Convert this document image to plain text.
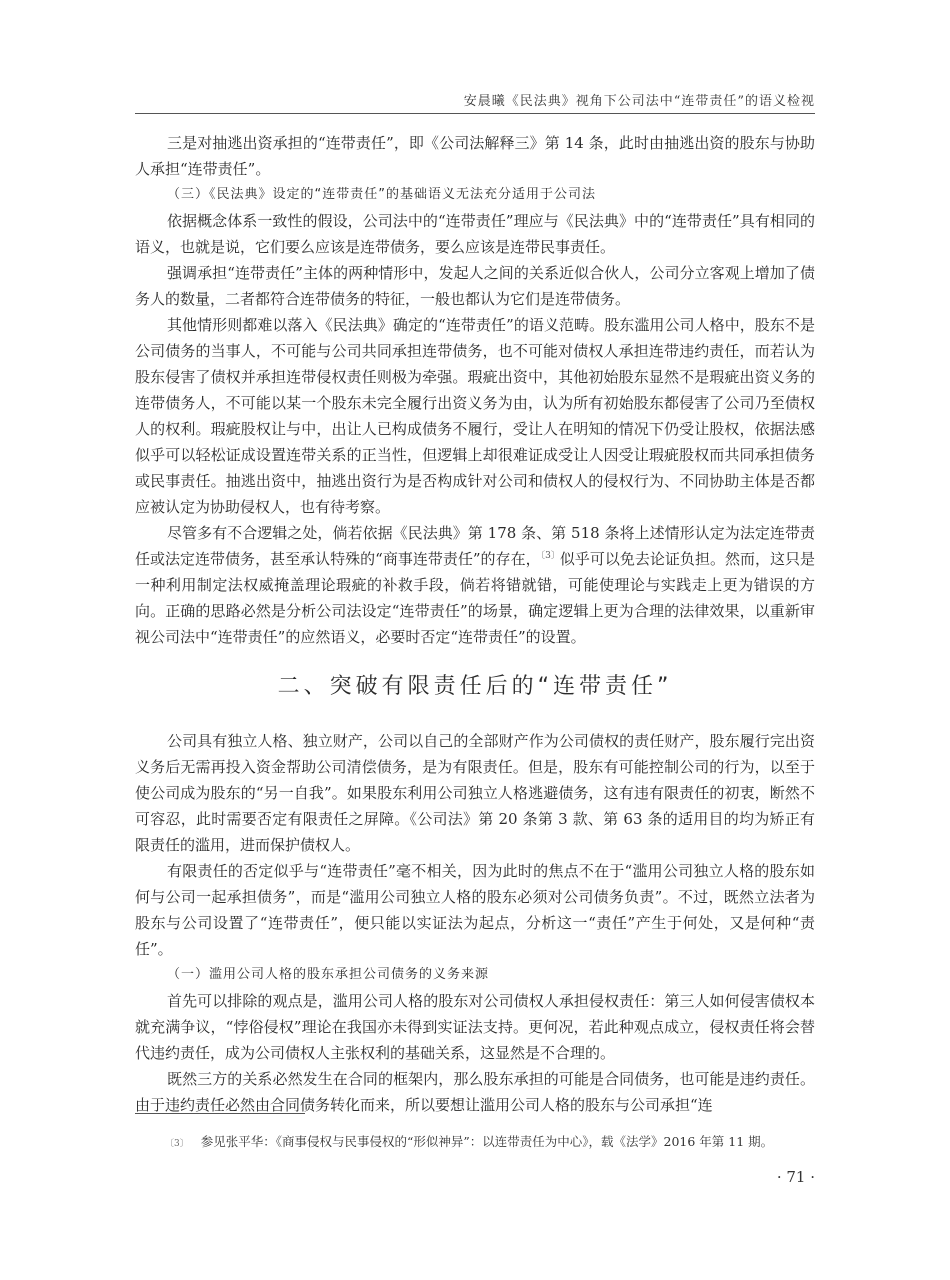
安晨曦《民法典》视角下公司法中“连带责任”的语义检视

三是对抽逃出资承担的“连带责任”，即《公司法解释三》第 14 条，此时由抽逃出资的股东与协助人承担“连带责任”。

（三）《民法典》设定的“连带责任”的基础语义无法充分适用于公司法

依据概念体系一致性的假设，公司法中的“连带责任”理应与《民法典》中的“连带责任”具有相同的语义，也就是说，它们要么应该是连带债务，要么应该是连带民事责任。

强调承担“连带责任”主体的两种情形中，发起人之间的关系近似合伙人，公司分立客观上增加了债务人的数量，二者都符合连带债务的特征，一般也都认为它们是连带债务。

其他情形则都难以落入《民法典》确定的“连带责任”的语义范畴。股东滥用公司人格中，股东不是公司债务的当事人，不可能与公司共同承担连带债务，也不可能对债权人承担连带违约责任，而若认为股东侵害了债权并承担连带侵权责任则极为牵强。瑕疵出资中，其他初始股东显然不是瑕疵出资义务的连带债务人，不可能以某一个股东未完全履行出资义务为由，认为所有初始股东都侵害了公司乃至债权人的权利。瑕疵股权让与中，出让人已构成债务不履行，受让人在明知的情况下仍受让股权，依据法感似乎可以轻松证成设置连带关系的正当性，但逻辑上却很难证成受让人因受让瑕疵股权而共同承担债务或民事责任。抽逃出资中，抽逃出资行为是否构成针对公司和债权人的侵权行为、不同协助主体是否都应被认定为协助侵权人，也有待考察。

尽管多有不合逻辑之处，倘若依据《民法典》第 178 条、第 518 条将上述情形认定为法定连带责任或法定连带债务，甚至承认特殊的“商事连带责任”的存在，$^{〔3〕}$似乎可以免去论证负担。然而，这只是一种利用制定法权威掩盖理论瑕疵的补救手段，倘若将错就错，可能使理论与实践走上更为错误的方向。正确的思路必然是分析公司法设定“连带责任”的场景，确定逻辑上更为合理的法律效果，以重新审视公司法中“连带责任”的应然语义，必要时否定“连带责任”的设置。

二、突破有限责任后的“连带责任”

公司具有独立人格、独立财产，公司以自己的全部财产作为公司债权的责任财产，股东履行完出资义务后无需再投入资金帮助公司清偿债务，是为有限责任。但是，股东有可能控制公司的行为，以至于使公司成为股东的“另一自我”。如果股东利用公司独立人格逃避债务，这有违有限责任的初衷，断然不可容忍，此时需要否定有限责任之屏障。《公司法》第 20 条第 3 款、第 63 条的适用目的均为矫正有限责任的滥用，进而保护债权人。

有限责任的否定似乎与“连带责任”毫不相关，因为此时的焦点不在于“滥用公司独立人格的股东如何与公司一起承担债务”，而是“滥用公司独立人格的股东必须对公司债务负责”。不过，既然立法者为股东与公司设置了“连带责任”，便只能以实证法为起点，分析这一“责任”产生于何处，又是何种“责任”。

（一）滥用公司人格的股东承担公司债务的义务来源

首先可以排除的观点是，滥用公司人格的股东对公司债权人承担侵权责任：第三人如何侵害债权本就充满争议，“悖俗侵权”理论在我国亦未得到实证法支持。更何况，若此种观点成立，侵权责任将会替代违约责任，成为公司债权人主张权利的基础关系，这显然是不合理的。

既然三方的关系必然发生在合同的框架内，那么股东承担的可能是合同债务，也可能是违约责任。由于违约责任必然由合同债务转化而来，所以要想让滥用公司人格的股东与公司承担“连

〔3〕 参见张平华：《商事侵权与民事侵权的“形似神异”：以连带责任为中心》，载《法学》2016 年第 11 期。
· 71 ·
